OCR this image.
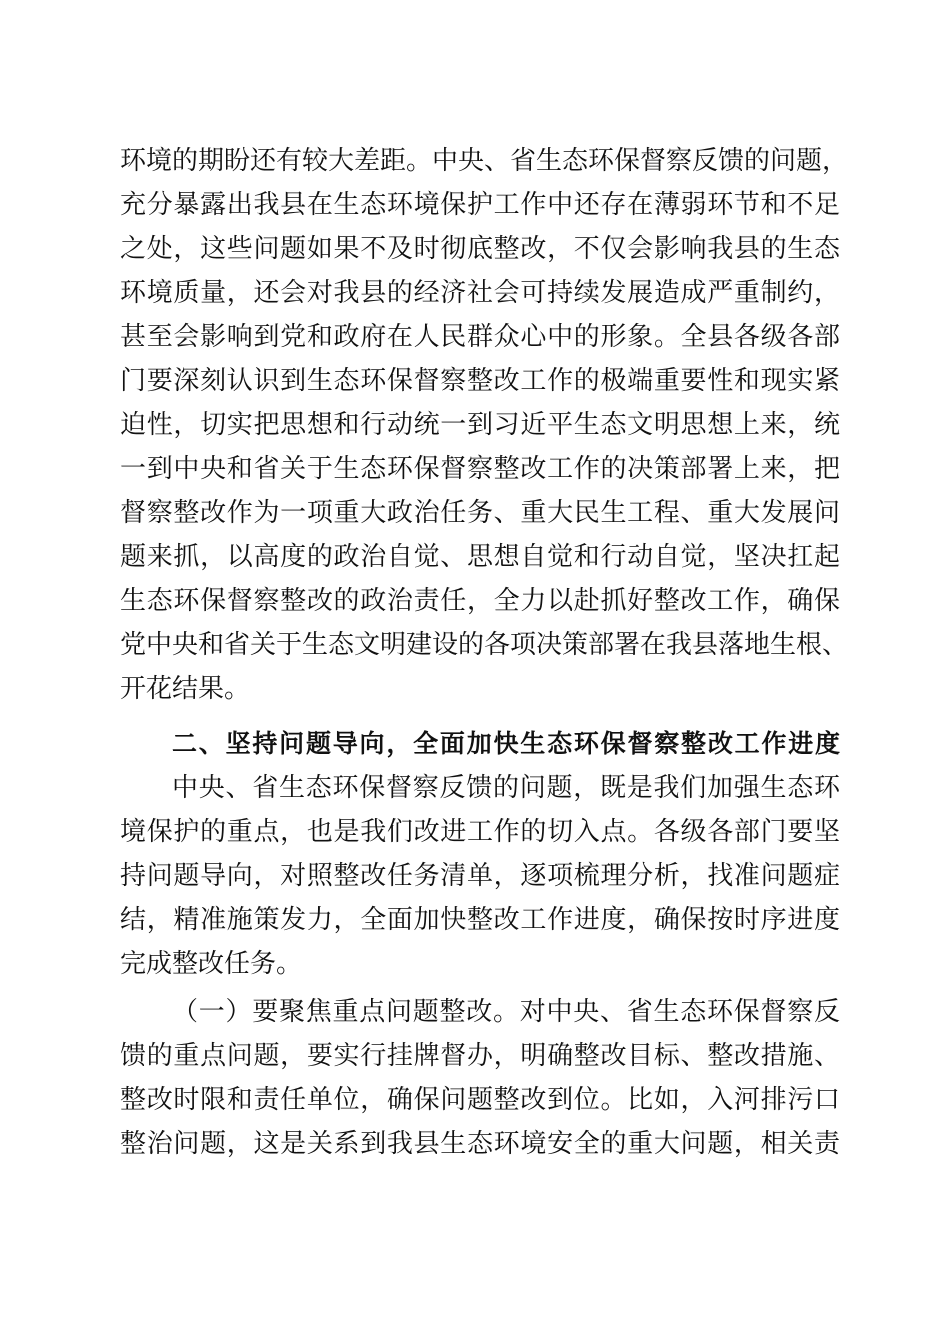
环境的期盼还有较大差距。中央、省生态环保督察反馈的问题，
充分暴露出我县在生态环境保护工作中还存在薄弱环节和不足
之处，这些问题如果不及时彻底整改，不仅会影响我县的生态
环境质量，还会对我县的经济社会可持续发展造成严重制约，
甚至会影响到党和政府在人民群众心中的形象。全县各级各部
门要深刻认识到生态环保督察整改工作的极端重要性和现实紧
迫性，切实把思想和行动统一到习近平生态文明思想上来，统
一到中央和省关于生态环保督察整改工作的决策部署上来，把
督察整改作为一项重大政治任务、重大民生工程、重大发展问
题来抓，以高度的政治自觉、思想自觉和行动自觉，坚决扛起
生态环保督察整改的政治责任，全力以赴抓好整改工作，确保
党中央和省关于生态文明建设的各项决策部署在我县落地生根、
开花结果。
二、坚持问题导向，全面加快生态环保督察整改工作进度
中央、省生态环保督察反馈的问题，既是我们加强生态环
境保护的重点，也是我们改进工作的切入点。各级各部门要坚
持问题导向，对照整改任务清单，逐项梳理分析，找准问题症
结，精准施策发力，全面加快整改工作进度，确保按时序进度
完成整改任务。
（一）要聚焦重点问题整改。对中央、省生态环保督察反
馈的重点问题，要实行挂牌督办，明确整改目标、整改措施、
整改时限和责任单位，确保问题整改到位。比如，入河排污口
整治问题，这是关系到我县生态环境安全的重大问题，相关责
